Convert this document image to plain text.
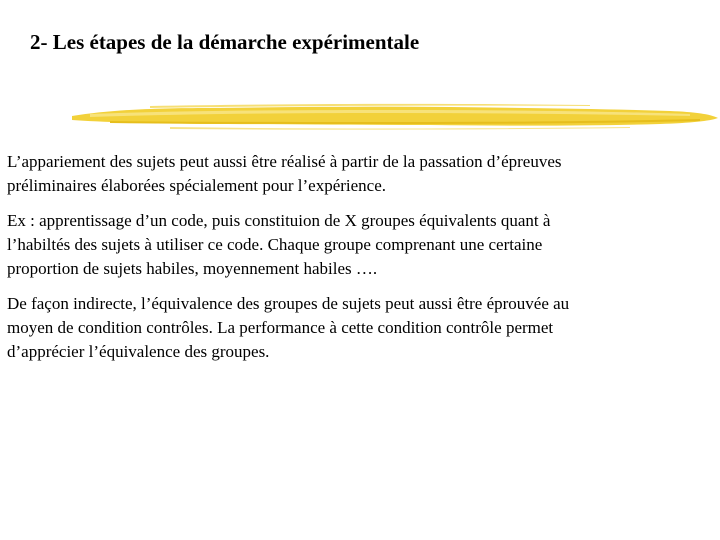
2- Les étapes de la démarche expérimentale

L’appariement des sujets peut aussi être réalisé à partir de la passation d’épreuves
préliminaires élaborées spécialement pour l’expérience.

Ex : apprentissage d’un code, puis constituion de X groupes équivalents quant à
l’habiltés des sujets à utiliser ce code. Chaque groupe comprenant une certaine
proportion de sujets habiles, moyennement habiles ….

De façon indirecte, l’équivalence des groupes de sujets peut aussi être éprouvée au
moyen de condition contrôles. La performance à cette condition contrôle permet
d’apprécier l’équivalence des groupes.
